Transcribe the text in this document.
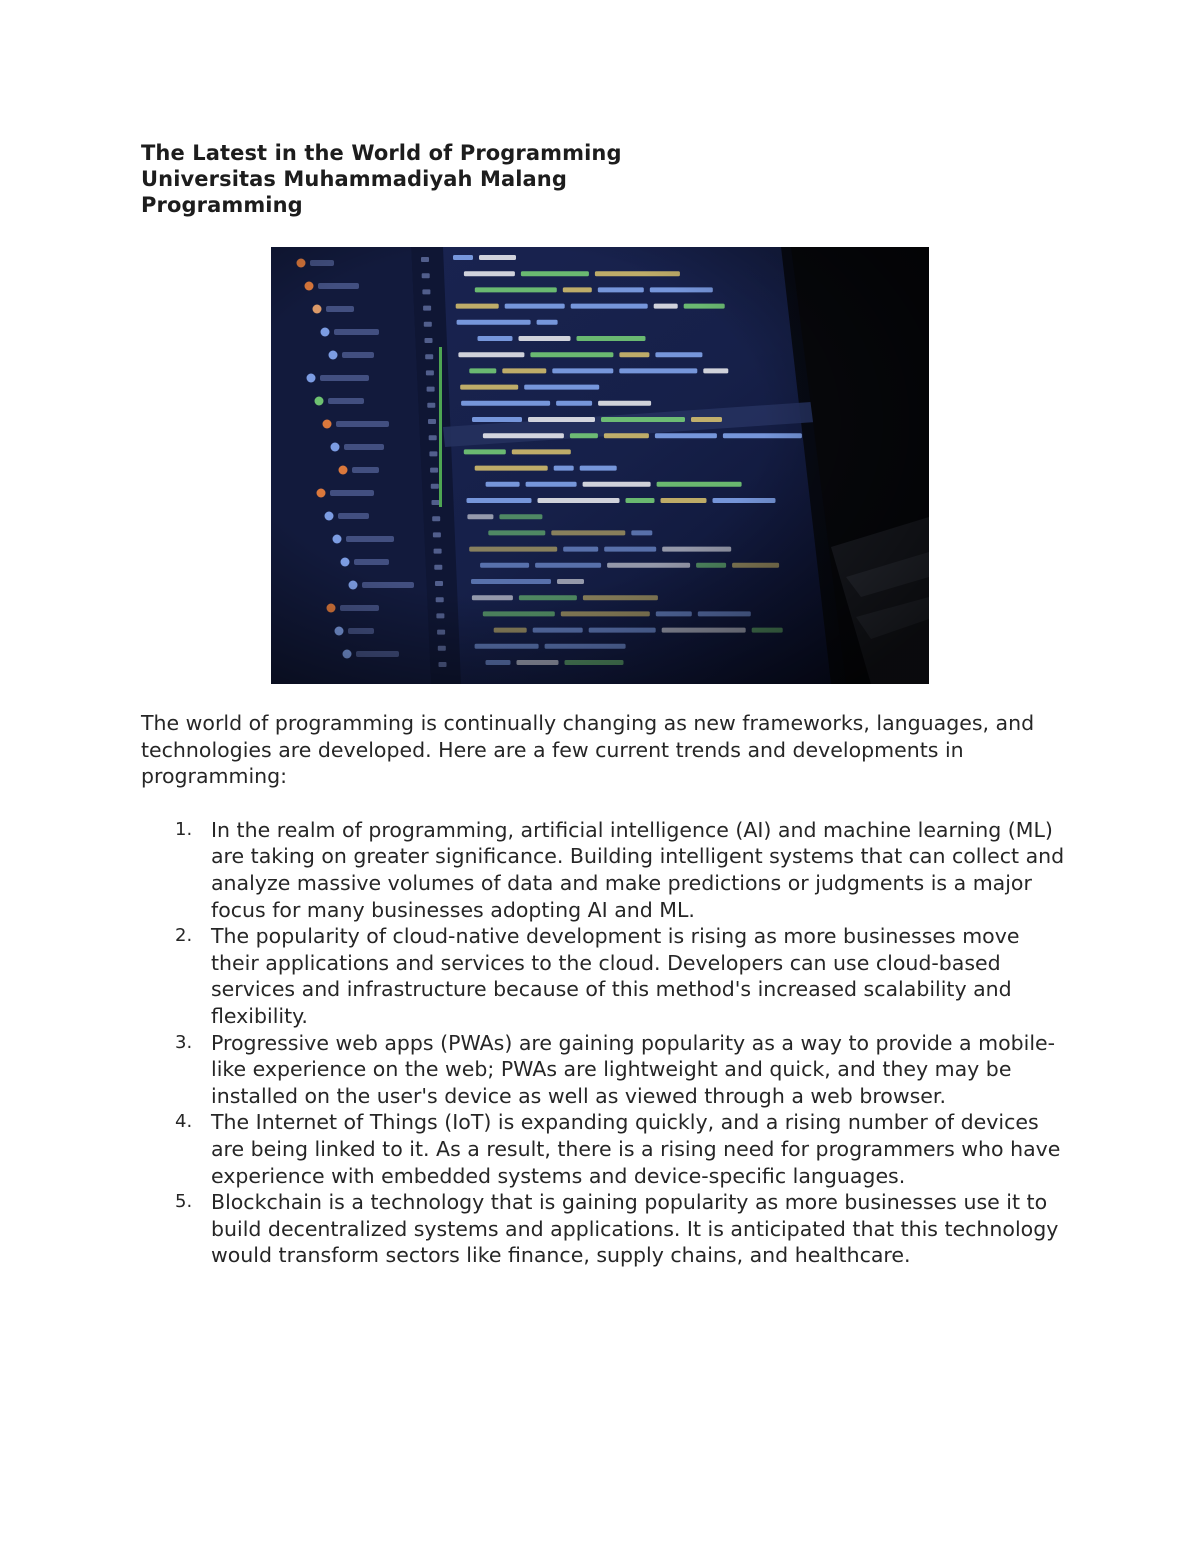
The Latest in the World of Programming
Universitas Muhammadiyah Malang
Programming

The world of programming is continually changing as new frameworks, languages, and technologies are developed. Here are a few current trends and developments in programming:

1. In the realm of programming, artificial intelligence (AI) and machine learning (ML) are taking on greater significance. Building intelligent systems that can collect and analyze massive volumes of data and make predictions or judgments is a major focus for many businesses adopting AI and ML.
2. The popularity of cloud-native development is rising as more businesses move their applications and services to the cloud. Developers can use cloud-based services and infrastructure because of this method's increased scalability and flexibility.
3. Progressive web apps (PWAs) are gaining popularity as a way to provide a mobile-like experience on the web; PWAs are lightweight and quick, and they may be installed on the user's device as well as viewed through a web browser.
4. The Internet of Things (IoT) is expanding quickly, and a rising number of devices are being linked to it. As a result, there is a rising need for programmers who have experience with embedded systems and device-specific languages.
5. Blockchain is a technology that is gaining popularity as more businesses use it to build decentralized systems and applications. It is anticipated that this technology would transform sectors like finance, supply chains, and healthcare.
